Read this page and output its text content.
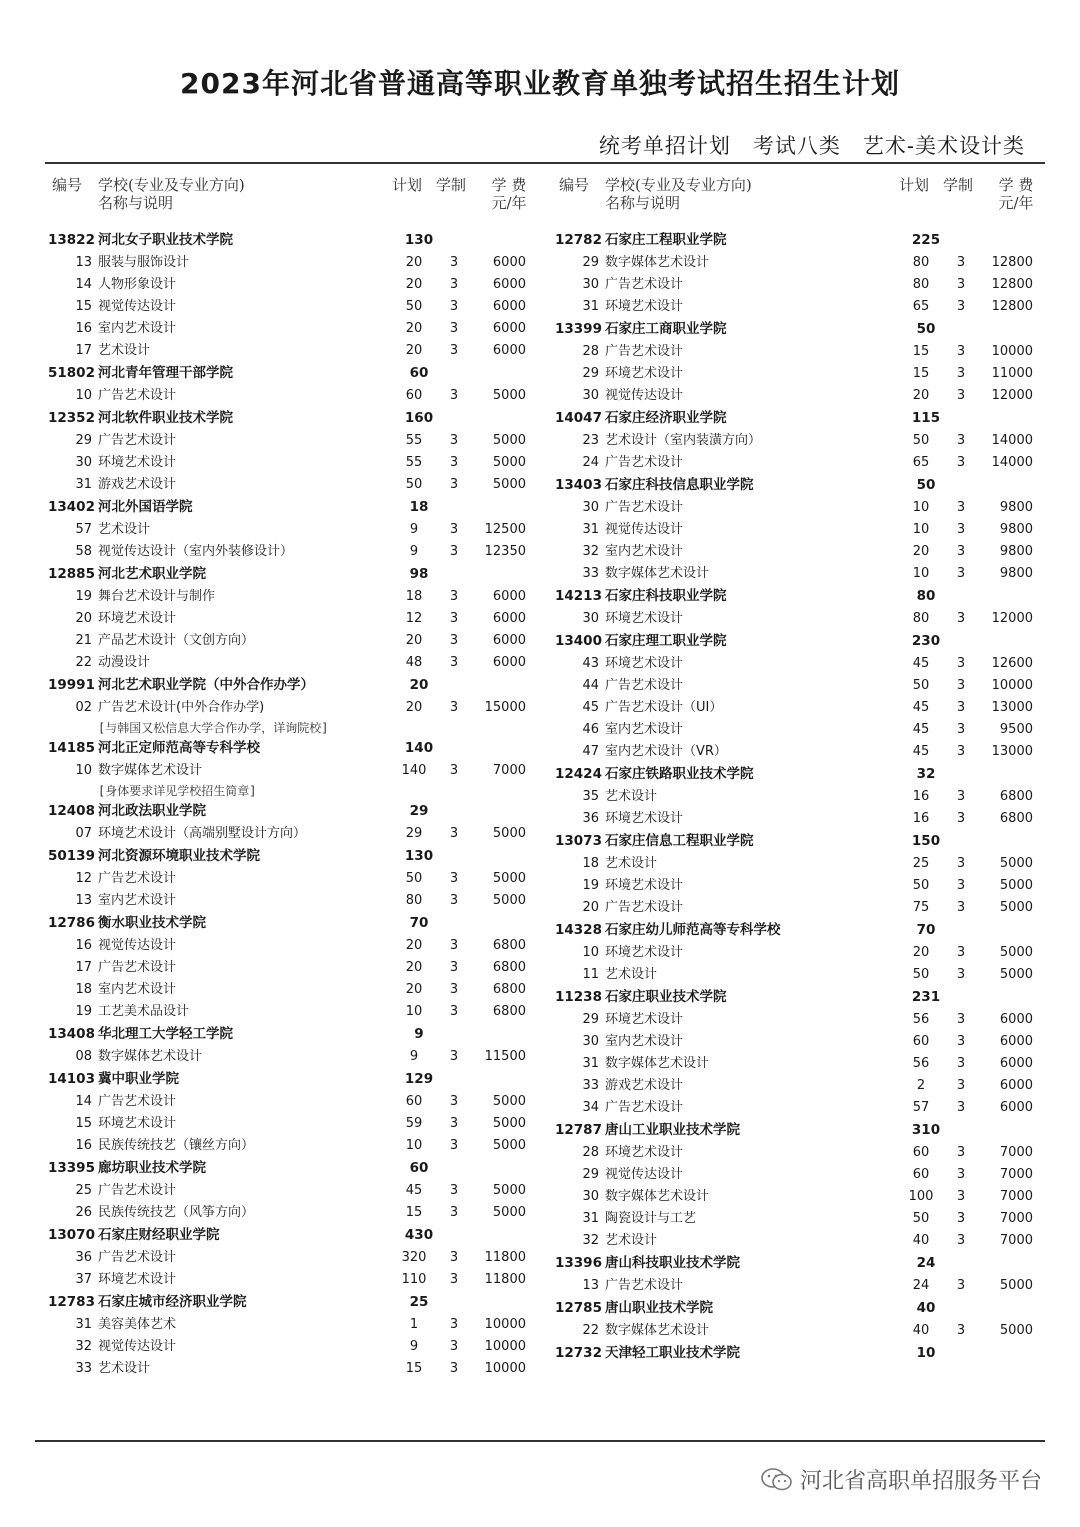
2023年河北省普通高等职业教育单独考试招生招生计划
统考单招计划 考试八类 艺术-美术设计类
编号 学校(专业及专业方向)
名称与说明
计划 学制	学 费
元/年
13822 河北女子职业技术学院	130
13 服装与服饰设计	20	3	6000
14 人物形象设计	20	3	6000
15 视觉传达设计	50	3	6000
16 室内艺术设计	20	3	6000
17 艺术设计	20	3	6000
51802 河北青年管理干部学院	60
10 广告艺术设计	60	3	5000
12352 河北软件职业技术学院	160
29 广告艺术设计	55	3	5000
30 环境艺术设计	55	3	5000
31 游戏艺术设计	50	3	5000
13402 河北外国语学院	18
57 艺术设计	9	3	12500
58 视觉传达设计（室内外装修设计）	9	3	12350
12885 河北艺术职业学院	98
19 舞台艺术设计与制作	18	3	6000
20 环境艺术设计	12	3	6000
21 产品艺术设计（文创方向）	20	3	6000
22 动漫设计	48	3	6000
19991 河北艺术职业学院（中外合作办学）	20
02 广告艺术设计(中外合作办学)	20	3	15000
[与韩国又松信息大学合作办学，详询院校]
14185 河北正定师范高等专科学校	140
10 数字媒体艺术设计	140	3	7000
[身体要求详见学校招生简章]
12408 河北政法职业学院	29
07 环境艺术设计（高端别墅设计方向）	29	3	5000
50139 河北资源环境职业技术学院	130
12 广告艺术设计	50	3	5000
13 室内艺术设计	80	3	5000
12786 衡水职业技术学院	70
16 视觉传达设计	20	3	6800
17 广告艺术设计	20	3	6800
18 室内艺术设计	20	3	6800
19 工艺美术品设计	10	3	6800
13408 华北理工大学轻工学院	9
08 数字媒体艺术设计	9	3	11500
14103 冀中职业学院	129
14 广告艺术设计	60	3	5000
15 环境艺术设计	59	3	5000
16 民族传统技艺（镶丝方向）	10	3	5000
13395 廊坊职业技术学院	60
25 广告艺术设计	45	3	5000
26 民族传统技艺（风筝方向）	15	3	5000
13070 石家庄财经职业学院	430
36 广告艺术设计	320	3	11800
37 环境艺术设计	110	3	11800
12783 石家庄城市经济职业学院	25
31 美容美体艺术	1	3	10000
32 视觉传达设计	9	3	10000
33 艺术设计	15	3	10000
编号 学校(专业及专业方向)
名称与说明
计划 学制	学 费
元/年
12782 石家庄工程职业学院	225
29 数字媒体艺术设计	80	3	12800
30 广告艺术设计	80	3	12800
31 环境艺术设计	65	3	12800
13399 石家庄工商职业学院	50
28 广告艺术设计	15	3	10000
29 环境艺术设计	15	3	11000
30 视觉传达设计	20	3	12000
14047 石家庄经济职业学院	115
23 艺术设计（室内装潢方向）	50	3	14000
24 广告艺术设计	65	3	14000
13403 石家庄科技信息职业学院	50
30 广告艺术设计	10	3	9800
31 视觉传达设计	10	3	9800
32 室内艺术设计	20	3	9800
33 数字媒体艺术设计	10	3	9800
14213 石家庄科技职业学院	80
30 环境艺术设计	80	3	12000
13400 石家庄理工职业学院	230
43 环境艺术设计	45	3	12600
44 广告艺术设计	50	3	10000
45 广告艺术设计（UI）	45	3	13000
46 室内艺术设计	45	3	9500
47 室内艺术设计（VR）	45	3	13000
12424 石家庄铁路职业技术学院	32
35 艺术设计	16	3	6800
36 环境艺术设计	16	3	6800
13073 石家庄信息工程职业学院	150
18 艺术设计	25	3	5000
19 环境艺术设计	50	3	5000
20 广告艺术设计	75	3	5000
14328 石家庄幼儿师范高等专科学校	70
10 环境艺术设计	20	3	5000
11 艺术设计	50	3	5000
11238 石家庄职业技术学院	231
29 环境艺术设计	56	3	6000
30 室内艺术设计	60	3	6000
31 数字媒体艺术设计	56	3	6000
33 游戏艺术设计	2	3	6000
34 广告艺术设计	57	3	6000
12787 唐山工业职业技术学院	310
28 环境艺术设计	60	3	7000
29 视觉传达设计	60	3	7000
30 数字媒体艺术设计	100	3	7000
31 陶瓷设计与工艺	50	3	7000
32 艺术设计	40	3	7000
13396 唐山科技职业技术学院	24
13 广告艺术设计	24	3	5000
12785 唐山职业技术学院	40
22 数字媒体艺术设计	40	3	5000
12732 天津轻工职业技术学院	10
河北省高职单招服务平台
